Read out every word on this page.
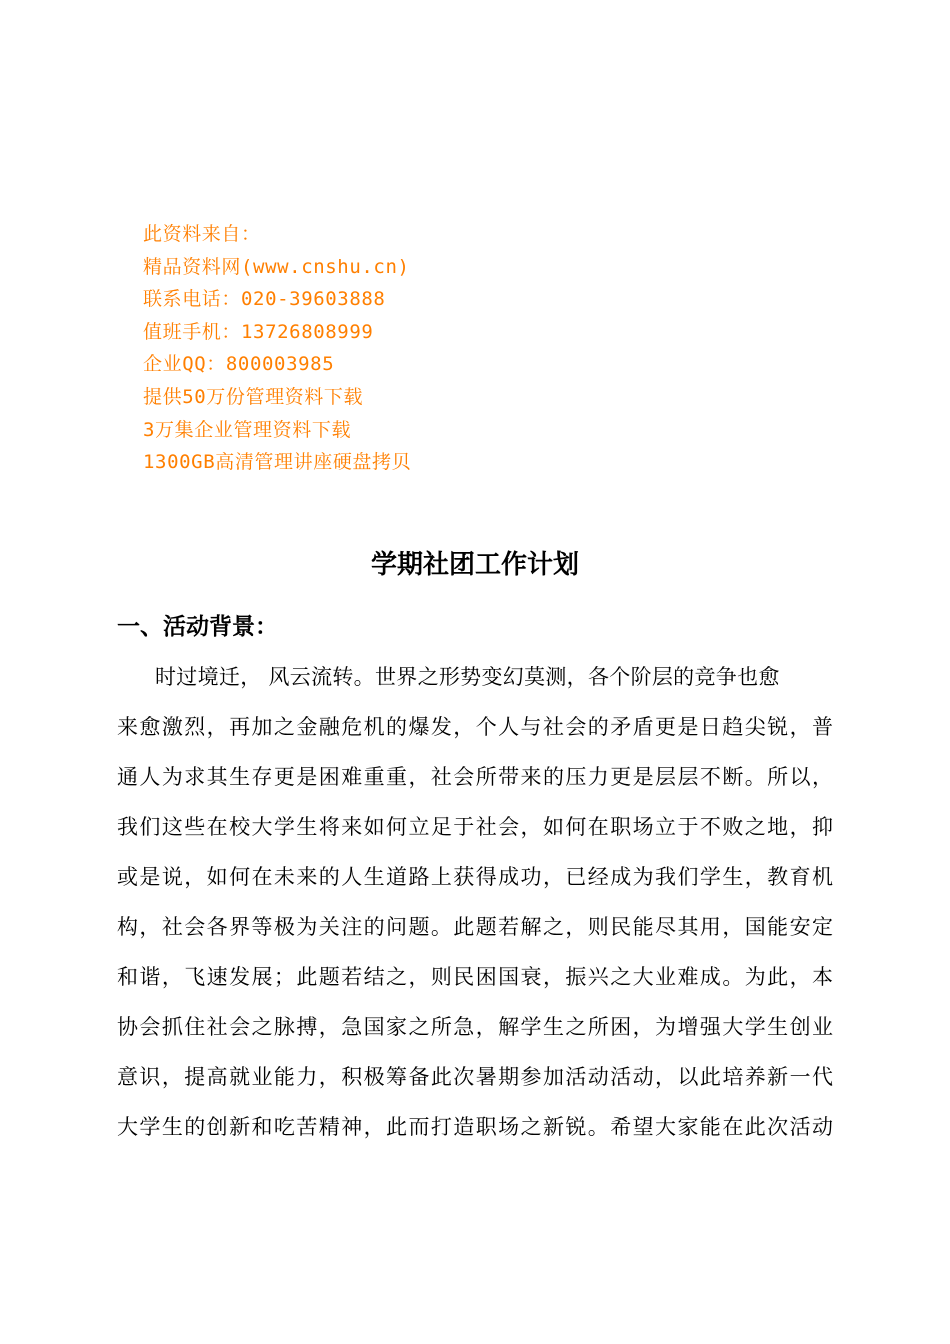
此资料来自：
精品资料网(www.cnshu.cn)
联系电话：020-39603888
值班手机：13726808999
企业QQ：800003985
提供50万份管理资料下载
3万集企业管理资料下载
1300GB高清管理讲座硬盘拷贝
学期社团工作计划
一、活动背景：
时过境迁， 风云流转。世界之形势变幻莫测，各个阶层的竞争也愈
来愈激烈，再加之金融危机的爆发，个人与社会的矛盾更是日趋尖锐，普
通人为求其生存更是困难重重，社会所带来的压力更是层层不断。所以，
我们这些在校大学生将来如何立足于社会，如何在职场立于不败之地，抑
或是说，如何在未来的人生道路上获得成功，已经成为我们学生，教育机
构，社会各界等极为关注的问题。此题若解之，则民能尽其用，国能安定
和谐，飞速发展；此题若结之，则民困国衰，振兴之大业难成。为此，本
协会抓住社会之脉搏，急国家之所急，解学生之所困，为增强大学生创业
意识，提高就业能力，积极筹备此次暑期参加活动活动，以此培养新一代
大学生的创新和吃苦精神，此而打造职场之新锐。希望大家能在此次活动
